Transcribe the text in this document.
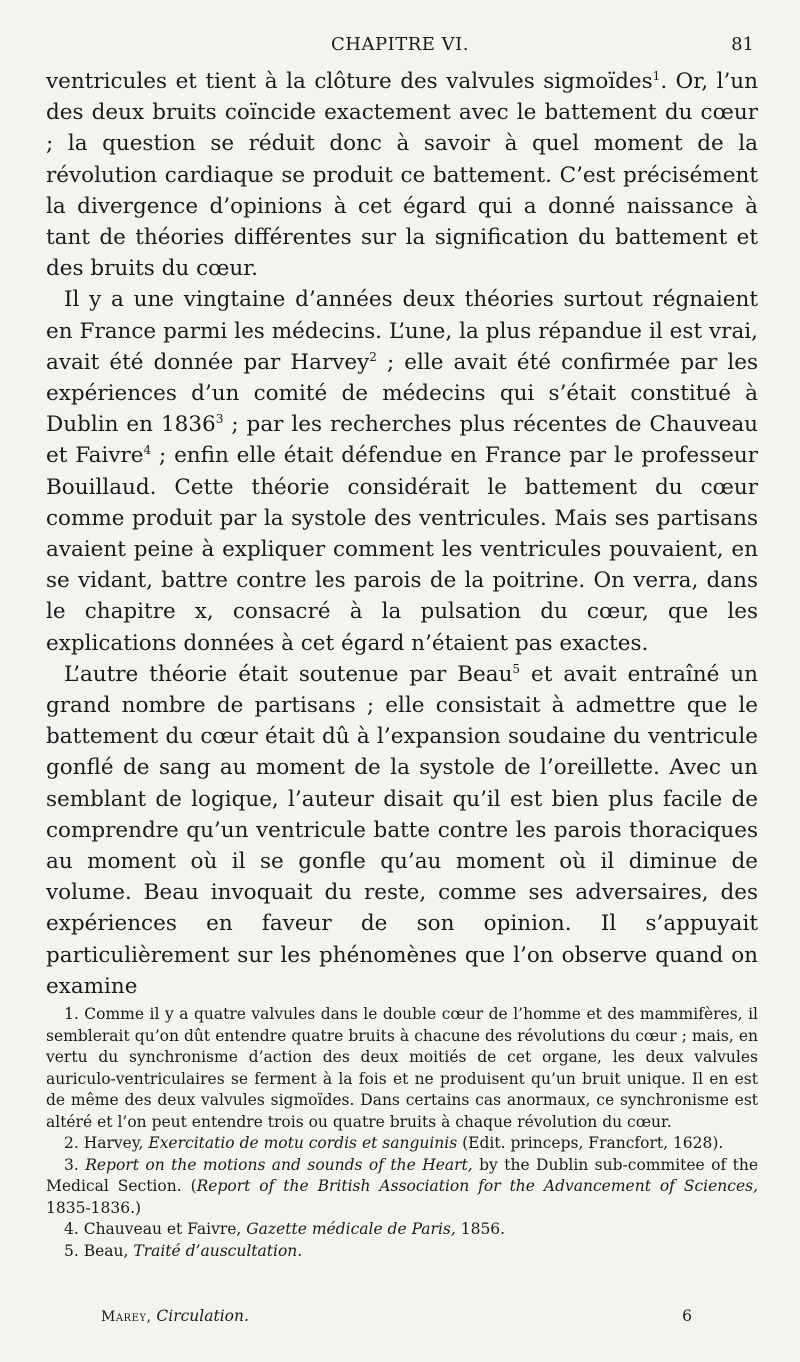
CHAPITRE VI.	81

ventricules et tient à la clôture des valvules sigmoïdes$^1$. Or, l’un des deux bruits coïncide exactement avec le battement du cœur ; la question se réduit donc à savoir à quel moment de la révolution cardiaque se produit ce battement. C’est précisément la divergence d’opinions à cet égard qui a donné naissance à tant de théories différentes sur la signification du battement et des bruits du cœur.

Il y a une vingtaine d’années deux théories surtout régnaient en France parmi les médecins. L’une, la plus répandue il est vrai, avait été donnée par Harvey$^2$ ; elle avait été confirmée par les expériences d’un comité de médecins qui s’était constitué à Dublin en 1836$^3$ ; par les recherches plus récentes de Chauveau et Faivre$^4$ ; enfin elle était défendue en France par le professeur Bouillaud. Cette théorie considérait le battement du cœur comme produit par la systole des ventricules. Mais ses partisans avaient peine à expliquer comment les ventricules pouvaient, en se vidant, battre contre les parois de la poitrine. On verra, dans le chapitre x, consacré à la pulsation du cœur, que les explications données à cet égard n’étaient pas exactes.

L’autre théorie était soutenue par Beau$^5$ et avait entraîné un grand nombre de partisans ; elle consistait à admettre que le battement du cœur était dû à l’expansion soudaine du ventricule gonflé de sang au moment de la systole de l’oreillette. Avec un semblant de logique, l’auteur disait qu’il est bien plus facile de comprendre qu’un ventricule batte contre les parois thoraciques au moment où il se gonfle qu’au moment où il diminue de volume. Beau invoquait du reste, comme ses adversaires, des expériences en faveur de son opinion. Il s’appuyait particulièrement sur les phénomènes que l’on observe quand on examine

1. Comme il y a quatre valvules dans le double cœur de l’homme et des mammifères, il semblerait qu’on dût entendre quatre bruits à chacune des révolutions du cœur ; mais, en vertu du synchronisme d’action des deux moitiés de cet organe, les deux valvules auriculo-ventriculaires se ferment à la fois et ne produisent qu’un bruit unique. Il en est de même des deux valvules sigmoïdes. Dans certains cas anormaux, ce synchronisme est altéré et l’on peut entendre trois ou quatre bruits à chaque révolution du cœur.

2. Harvey, Exercitatio de motu cordis et sanguinis (Edit. princeps, Francfort, 1628).

3. Report on the motions and sounds of the Heart, by the Dublin sub-commitee of the Medical Section. (Report of the British Association for the Advancement of Sciences, 1835-1836.)

4. Chauveau et Faivre, Gazette médicale de Paris, 1856.

5. Beau, Traité d’auscultation.

Marey, Circulation.	6
